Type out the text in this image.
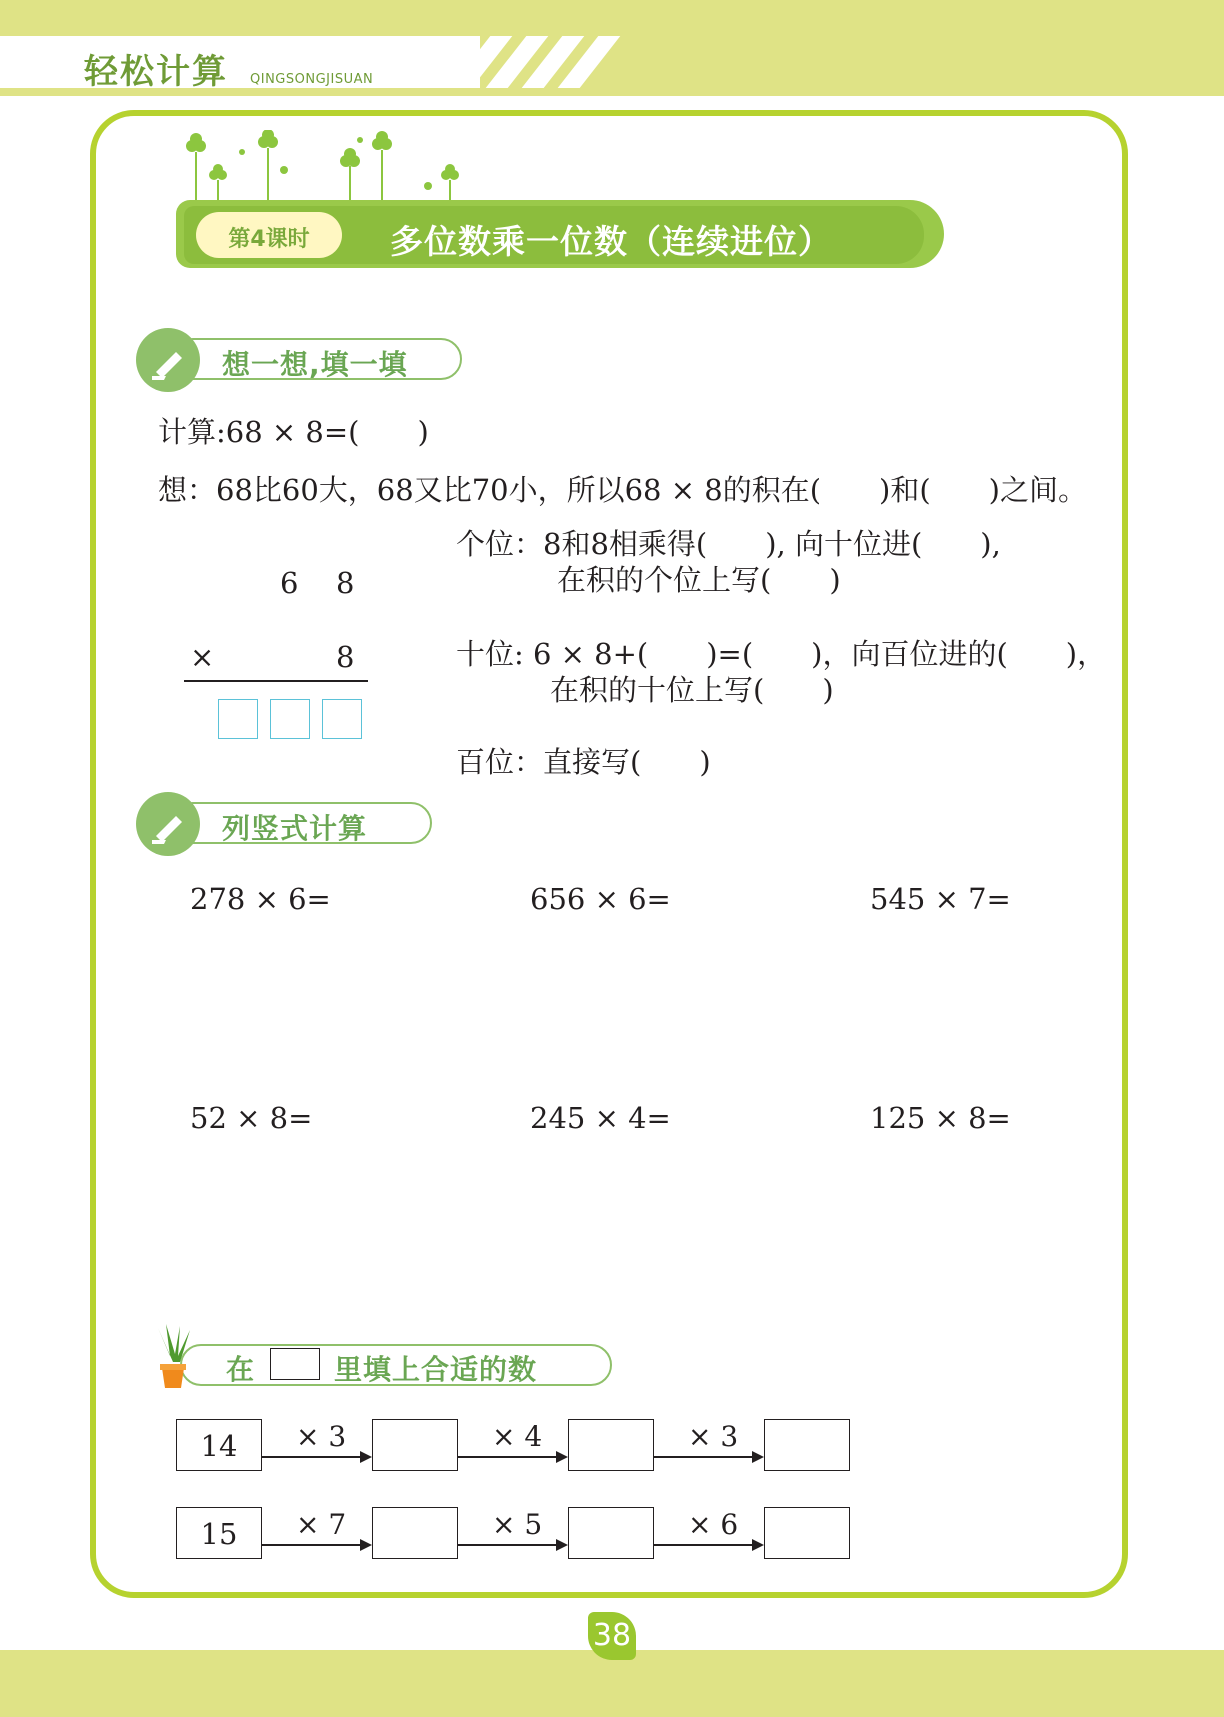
轻松计算 QINGSONGJISUAN
第4课时	多位数乘一位数（连续进位）
想一想,填一填
计算:68 × 8=(　　)
想：68比60大，68又比70小，所以68 × 8的积在(　　)和(　　)之间。
6 8
×	8
个位：8和8相乘得(　　), 向十位进(　　),
在积的个位上写(　　)
十位: 6 × 8+(　　)=(　　)，向百位进的(　　)，
在积的十位上写(　　)
百位：直接写(　　)
列竖式计算
278 × 6=	656 × 6=	545 × 7=
52 × 8=	245 × 4=	125 × 8=
在	里填上合适的数
14	× 3	× 4	× 3
15	× 7	× 5	× 6
38
